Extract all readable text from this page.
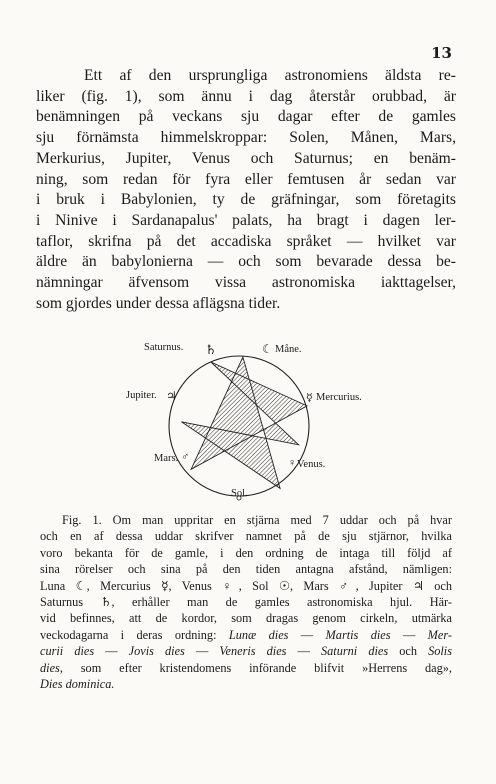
13
Ett af den ursprungliga astronomiens äldsta re-
liker (fig. 1), som ännu i dag återstår orubbad, är
benämningen på veckans sju dagar efter de gamles
sju förnämsta himmelskroppar: Solen, Månen, Mars,
Merkurius, Jupiter, Venus och Saturnus; en benäm-
ning, som redan för fyra eller femtusen år sedan var
i bruk i Babylonien, ty de gräfningar, som företagits
i Ninive i Sardanapalus' palats, ha bragt i dagen ler-
taflor, skrifna på det accadiska språket — hvilket var
äldre än babylonierna — och som bevarade dessa be-
nämningar äfvensom vissa astronomiska iakttagelser,
som gjordes under dessa aflägsna tider.
Saturnus. ♄	☾ Måne.
Jupiter. ♃	☿ Mercurius.
Mars. ♂	♀ Venus.
Sol.
Fig. 1. Om man uppritar en stjärna med 7 uddar och på hvar
och en af dessa uddar skrifver namnet på de sju stjärnor, hvilka
voro bekanta för de gamle, i den ordning de intaga till följd af
sina rörelser och sina på den tiden antagna afstånd, nämligen:
Luna ☾, Mercurius ☿, Venus ♀, Sol ☉, Mars ♂, Jupiter ♃ och
Saturnus ♄, erhåller man de gamles astronomiska hjul. Här-
vid befinnes, att de kordor, som dragas genom cirkeln, utmärka
veckodagarna i deras ordning: Lunæ dies — Martis dies — Mer-
curii dies — Jovis dies — Veneris dies — Saturni dies och Solis
dies, som efter kristendomens införande blifvit »Herrens dag»,
Dies dominica.
